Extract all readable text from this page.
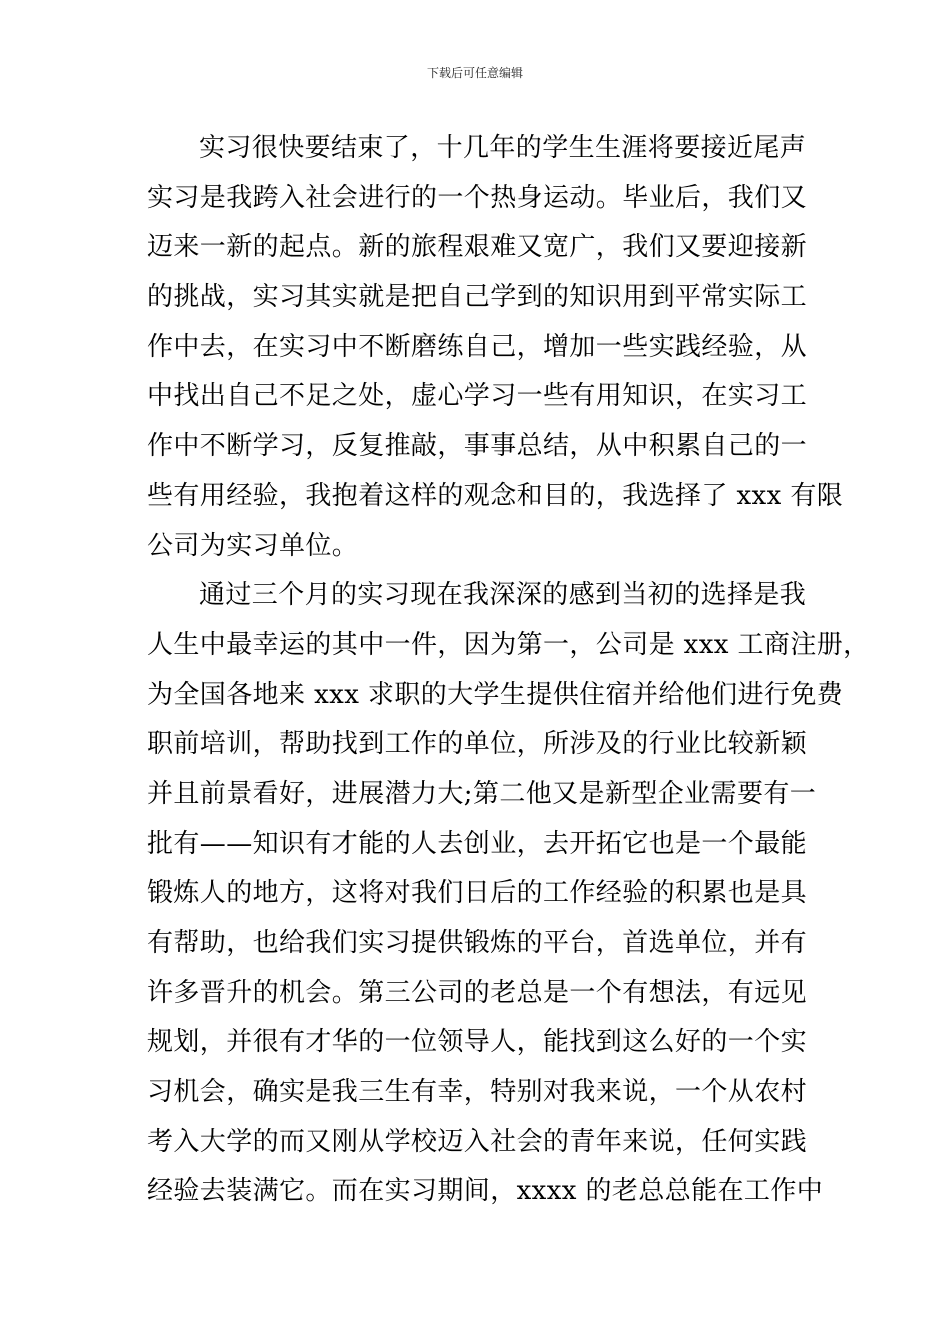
下载后可任意编辑
实习很快要结束了，十几年的学生生涯将要接近尾声
实习是我跨入社会进行的一个热身运动。毕业后，我们又
迈来一新的起点。新的旅程艰难又宽广，我们又要迎接新
的挑战，实习其实就是把自己学到的知识用到平常实际工
作中去，在实习中不断磨练自己，增加一些实践经验，从
中找出自己不足之处，虚心学习一些有用知识，在实习工
作中不断学习，反复推敲，事事总结，从中积累自己的一
些有用经验，我抱着这样的观念和目的，我选择了 xxx 有限
公司为实习单位。
通过三个月的实习现在我深深的感到当初的选择是我
人生中最幸运的其中一件，因为第一，公司是 xxx 工商注册，
为全国各地来 xxx 求职的大学生提供住宿并给他们进行免费
职前培训，帮助找到工作的单位，所涉及的行业比较新颖
并且前景看好，进展潜力大;第二他又是新型企业需要有一
批有——知识有才能的人去创业，去开拓它也是一个最能
锻炼人的地方，这将对我们日后的工作经验的积累也是具
有帮助，也给我们实习提供锻炼的平台，首选单位，并有
许多晋升的机会。第三公司的老总是一个有想法，有远见
规划，并很有才华的一位领导人，能找到这么好的一个实
习机会，确实是我三生有幸，特别对我来说，一个从农村
考入大学的而又刚从学校迈入社会的青年来说，任何实践
经验去装满它。而在实习期间，xxxx 的老总总能在工作中
